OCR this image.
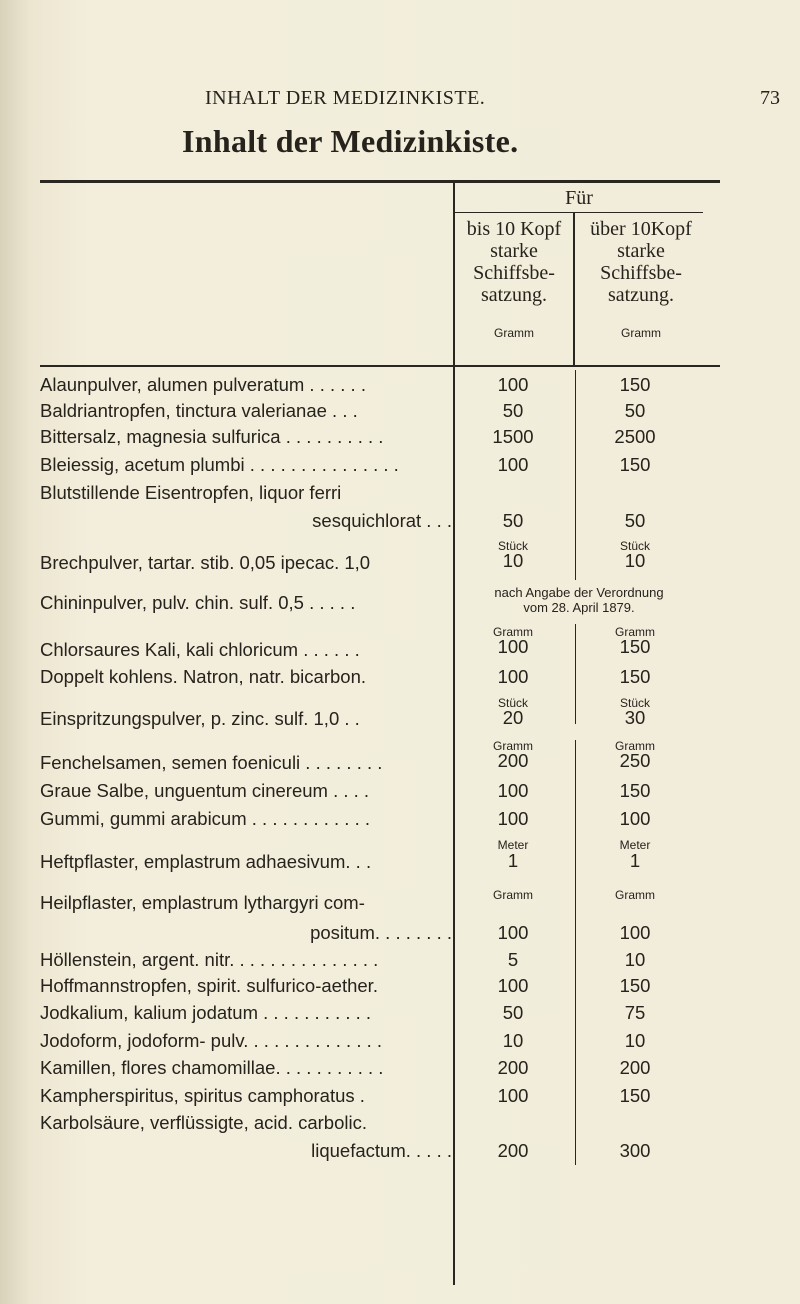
INHALT DER MEDIZINKISTE.	73
Inhalt der Medizinkiste.
Für
bis 10 Kopf
starke
Schiffsbe-
satzung.
Gramm
über 10Kopf
starke
Schiffsbe-
satzung.
Gramm
Alaunpulver, alumen pulveratum . . . . . .	100	150
Baldriantropfen, tinctura valerianae . . .	50	50
Bittersalz, magnesia sulfurica . . . . . . . . . .	1500	2500
Bleiessig, acetum plumbi . . . . . . . . . . . . . . .	100	150
Blutstillende Eisentropfen, liquor ferri
sesquichlorat . . .	50	50
Stück	Stück
Brechpulver, tartar. stib. 0,05 ipecac. 1,0	10	10
nach Angabe der Verordnung
vom 28. April 1879.
Chininpulver, pulv. chin. sulf. 0,5 . . . . .
Gramm	Gramm
Chlorsaures Kali, kali chloricum . . . . . .	100	150
Doppelt kohlens. Natron, natr. bicarbon.	100	150
Stück	Stück
Einspritzungspulver, p. zinc. sulf. 1,0 . .	20	30
Gramm	Gramm
Fenchelsamen, semen foeniculi . . . . . . . .	200	250
Graue Salbe, unguentum cinereum . . . .	100	150
Gummi, gummi arabicum . . . . . . . . . . . .	100	100
Meter	Meter
Heftpflaster, emplastrum adhaesivum. . .	1	1
Gramm	Gramm
Heilpflaster, emplastrum lythargyri com-
positum. . . . . . . .	100	100
Höllenstein, argent. nitr. . . . . . . . . . . . . . .	5	10
Hoffmannstropfen, spirit. sulfurico-aether.	100	150
Jodkalium, kalium jodatum . . . . . . . . . . .	50	75
Jodoform, jodoform- pulv. . . . . . . . . . . . . .	10	10
Kamillen, flores chamomillae. . . . . . . . . . .	200	200
Kampherspiritus, spiritus camphoratus .	100	150
Karbolsäure, verflüssigte, acid. carbolic.
liquefactum. . . . .	200	300
